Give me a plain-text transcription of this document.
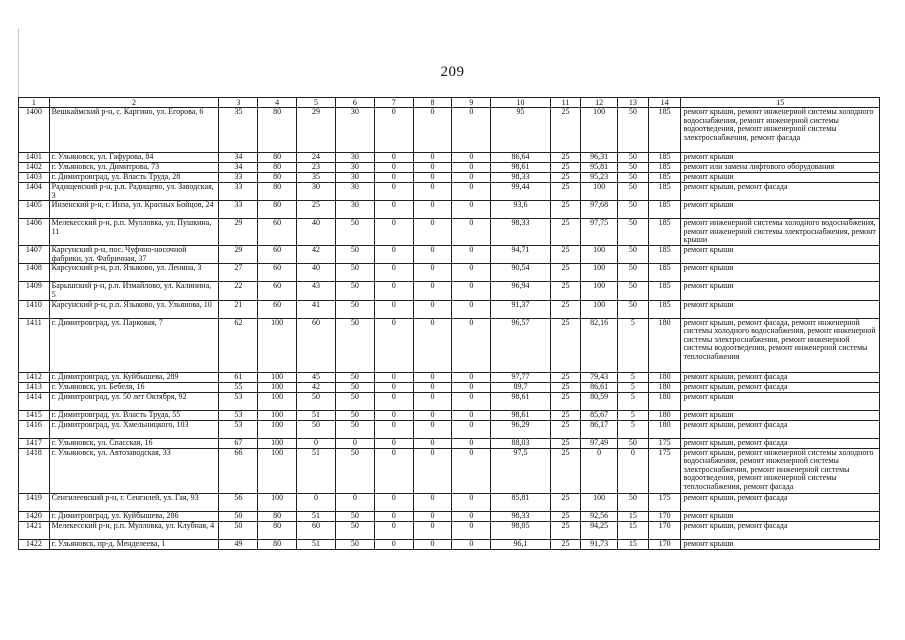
209
1	2	3	4	5	6	7	8	9	10	11	12	13	14	15
1400	Вешкаймский р-н, с. Каргино, ул. Егорова, 6	35	80	29	30	0	0	0	95	25	100	50	185	ремонт крыши, ремонт инженерной системы холодного водоснабжения, ремонт инженерной системы водоотведения, ремонт инженерной системы электроснабжения, ремонт фасада
1401	г. Ульяновск, ул. Гафурова, 84	34	80	24	30	0	0	0	86,64	25	96,31	50	185	ремонт крыши
1402	г. Ульяновск, ул. Димитрова, 73	34	80	23	30	0	0	0	98,61	25	95,81	50	185	ремонт или замена лифтового оборудования
1403	г. Димитровград, ул. Власть Труда, 28	33	80	35	30	0	0	0	98,33	25	95,23	50	185	ремонт крыши
1404	Радищевский р-н, р.п. Радищево, ул. Заводская, 3	33	80	30	30	0	0	0	99,44	25	100	50	185	ремонт крыши, ремонт фасада
1405	Инзенский р-н, г. Инза, ул. Красных Бойцов, 24	33	80	25	30	0	0	0	93,6	25	97,68	50	185	ремонт крыши
1406	Мелекесский р-н, р.п. Мулловка, ул. Пушкина, 11	29	60	40	50	0	0	0	98,33	25	97,75	50	185	ремонт инженерной системы холодного водоснабжения, ремонт инженерной системы электроснабжения, ремонт крыши
1407	Карсунский р-н, пос. Чуфчно-носочной фабрики, ул. Фабричная, 37	29	60	42	50	0	0	0	94,71	25	100	50	185	ремонт крыши
1408	Карсунский р-н, р.п. Языково, ул. Ленина, 3	27	60	40	50	0	0	0	90,54	25	100	50	185	ремонт крыши
1409	Барышский р-н, р.п. Измайлово, ул. Калинина, 5	22	60	43	50	0	0	0	96,94	25	100	50	185	ремонт крыши
1410	Карсунский р-н, р.п. Языково, ул. Ульянова, 10	21	60	41	50	0	0	0	91,37	25	100	50	185	ремонт крыши
1411	г. Димитровград, ул. Парковая, 7	62	100	60	50	0	0	0	96,57	25	82,16	5	180	ремонт крыши, ремонт фасада, ремонт инженерной системы холодного водоснабжения, ремонт инженерной системы электроснабжения, ремонт инженерной системы водоотведения, ремонт инженерной системы теплоснабжения
1412	г. Димитровград, ул. Куйбышева, 289	61	100	45	50	0	0	0	97,77	25	79,43	5	180	ремонт крыши, ремонт фасада
1413	г. Ульяновск, ул. Бебеля, 16	55	100	42	50	0	0	0	89,7	25	86,61	5	180	ремонт крыши, ремонт фасада
1414	г. Димитровград, ул. 50 лет Октября, 92	53	100	50	50	0	0	0	98,61	25	80,59	5	180	ремонт крыши
1415	г. Димитровград, ул. Власть Труда, 55	53	100	51	50	0	0	0	98,61	25	85,67	5	180	ремонт крыши
1416	г. Димитровград, ул. Хмельницкого, 103	53	100	50	50	0	0	0	96,29	25	86,17	5	180	ремонт крыши, ремонт фасада
1417	г. Ульяновск, ул. Спасская, 16	67	100	0	0	0	0	0	88,03	25	97,49	50	175	ремонт крыши, ремонт фасада
1418	г. Ульяновск, ул. Автозаводская, 33	66	100	51	50	0	0	0	97,5	25	0	0	175	ремонт крыши, ремонт инженерной системы холодного водоснабжения, ремонт инженерной системы электроснабжения, ремонт инженерной системы водоотведения, ремонт инженерной системы теплоснабжения, ремонт фасада
1419	Сенгилеевский р-н, г. Сенгилей, ул. Гая, 93	56	100	0	0	0	0	0	85,81	25	100	50	175	ремонт крыши, ремонт фасада
1420	г. Димитровград, ул. Куйбышева, 286	50	80	51	50	0	0	0	98,33	25	92,56	15	170	ремонт крыши
1421	Мелекесский р-н, р.п. Мулловка, ул. Клубная, 4	50	80	60	50	0	0	0	98,05	25	94,25	15	170	ремонт крыши, ремонт фасада
1422	г. Ульяновск, пр-д. Менделеева, 1	49	80	51	50	0	0	0	96,1	25	91,73	15	170	ремонт крыши
